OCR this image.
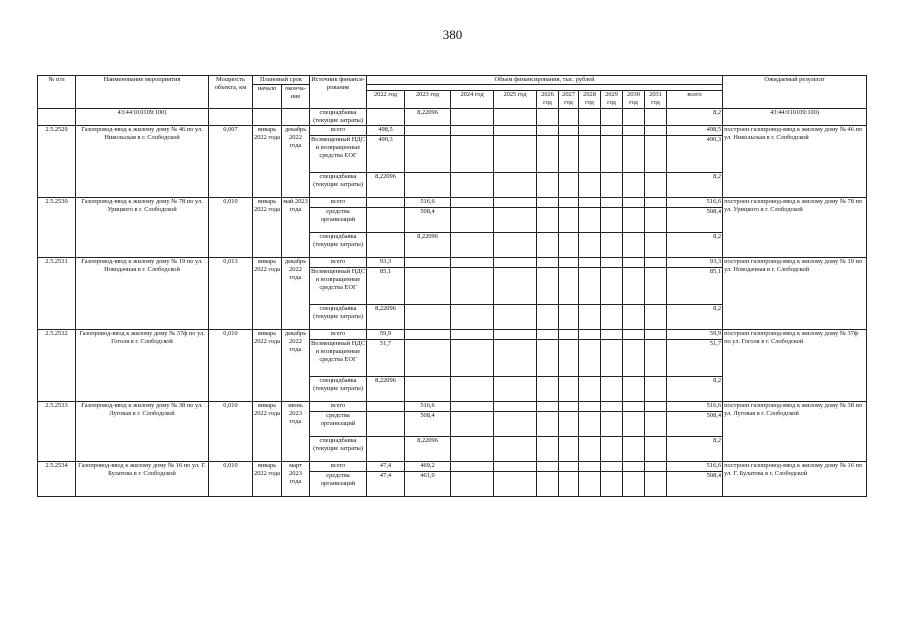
380
№ п/п	Наименование мероприятия	Мощность объекта, км	Плановый срок		Источник финанси-рования	Объем финансирования, тыс. рублей											Ожидаемый результат
			начало	оконча-ние													
						2022 год	2023 год	2024 год	2025 год	2026 год	2027 год	2028 год	2029 год	2030 год	2031 год	всего	
	43:44:010109:100)				спецнадбавка (текущие затраты)		8,22096									8,2	43:44:010109:100)
2.5.2529	Газопровод-ввод к жилому дому № 46 по ул. Никольская в г. Слободской	0,007	январь 2022 года	декабрь 2022 года	всего	498,5										498,5	построен газопровод-ввод к жилому дому № 46 по ул. Никольская в г. Слободской
					Возмещенный НДС и возвращенные средства ЕОГ	490,3										490,3	
					спецнадбавка (текущие затраты)	8,22096										8,2	
2.5.2530	Газопровод-ввод к жилому дому № 78 по ул. Урицкого в г. Слободской	0,010	январь 2022 года	май 2023 года	всего		516,6									516,6	построен газопровод-ввод к жилому дому № 78 по ул. Урицкого в г. Слободской
					средства организаций		508,4									508,4	
					спецнадбавка (текущие затраты)		8,22096									8,2	
2.5.2531	Газопровод-ввод к жилому дому № 19 по ул. Новодачная в г. Слободской	0,013	январь 2022 года	декабрь 2022 года	всего	93,3										93,3	построен газопровод-ввод к жилому дому № 19 по ул. Новодачная в г. Слободской
					Возмещенный НДС и возвращенные средства ЕОГ	85,1										85,1	
					спецнадбавка (текущие затраты)	8,22096										8,2	
2.5.2532	Газопровод-ввод к жилому дому № 37ф по ул. Гоголя в г. Слободской	0,010	январь 2022 года	декабрь 2022 года	всего	59,9										59,9	построен газопровод-ввод к жилому дому № 37ф по ул. Гоголя в г. Слободской
					Возмещенный НДС и возвращенные средства ЕОГ	51,7										51,7	
					спецнадбавка (текущие затраты)	8,22096										8,2	
2.5.2533	Газопровод-ввод к жилому дому № 38 по ул. Луговая в г. Слободской	0,010	январь 2022 года	июнь 2023 года	всего		516,6									516,6	построен газопровод-ввод к жилому дому № 38 по ул. Луговая в г. Слободской
					средства организаций		508,4									508,4	
					спецнадбавка (текущие затраты)		8,22096									8,2	
2.5.2534	Газопровод-ввод к жилому дому № 16 по ул. Г. Булатова в г. Слободской	0,010	январь 2022 года	март 2023 года	всего	47,4	469,2									516,6	построен газопровод-ввод к жилому дому № 16 по ул. Г. Булатова в г. Слободской
					средства организаций	47,4	461,0									508,4	
